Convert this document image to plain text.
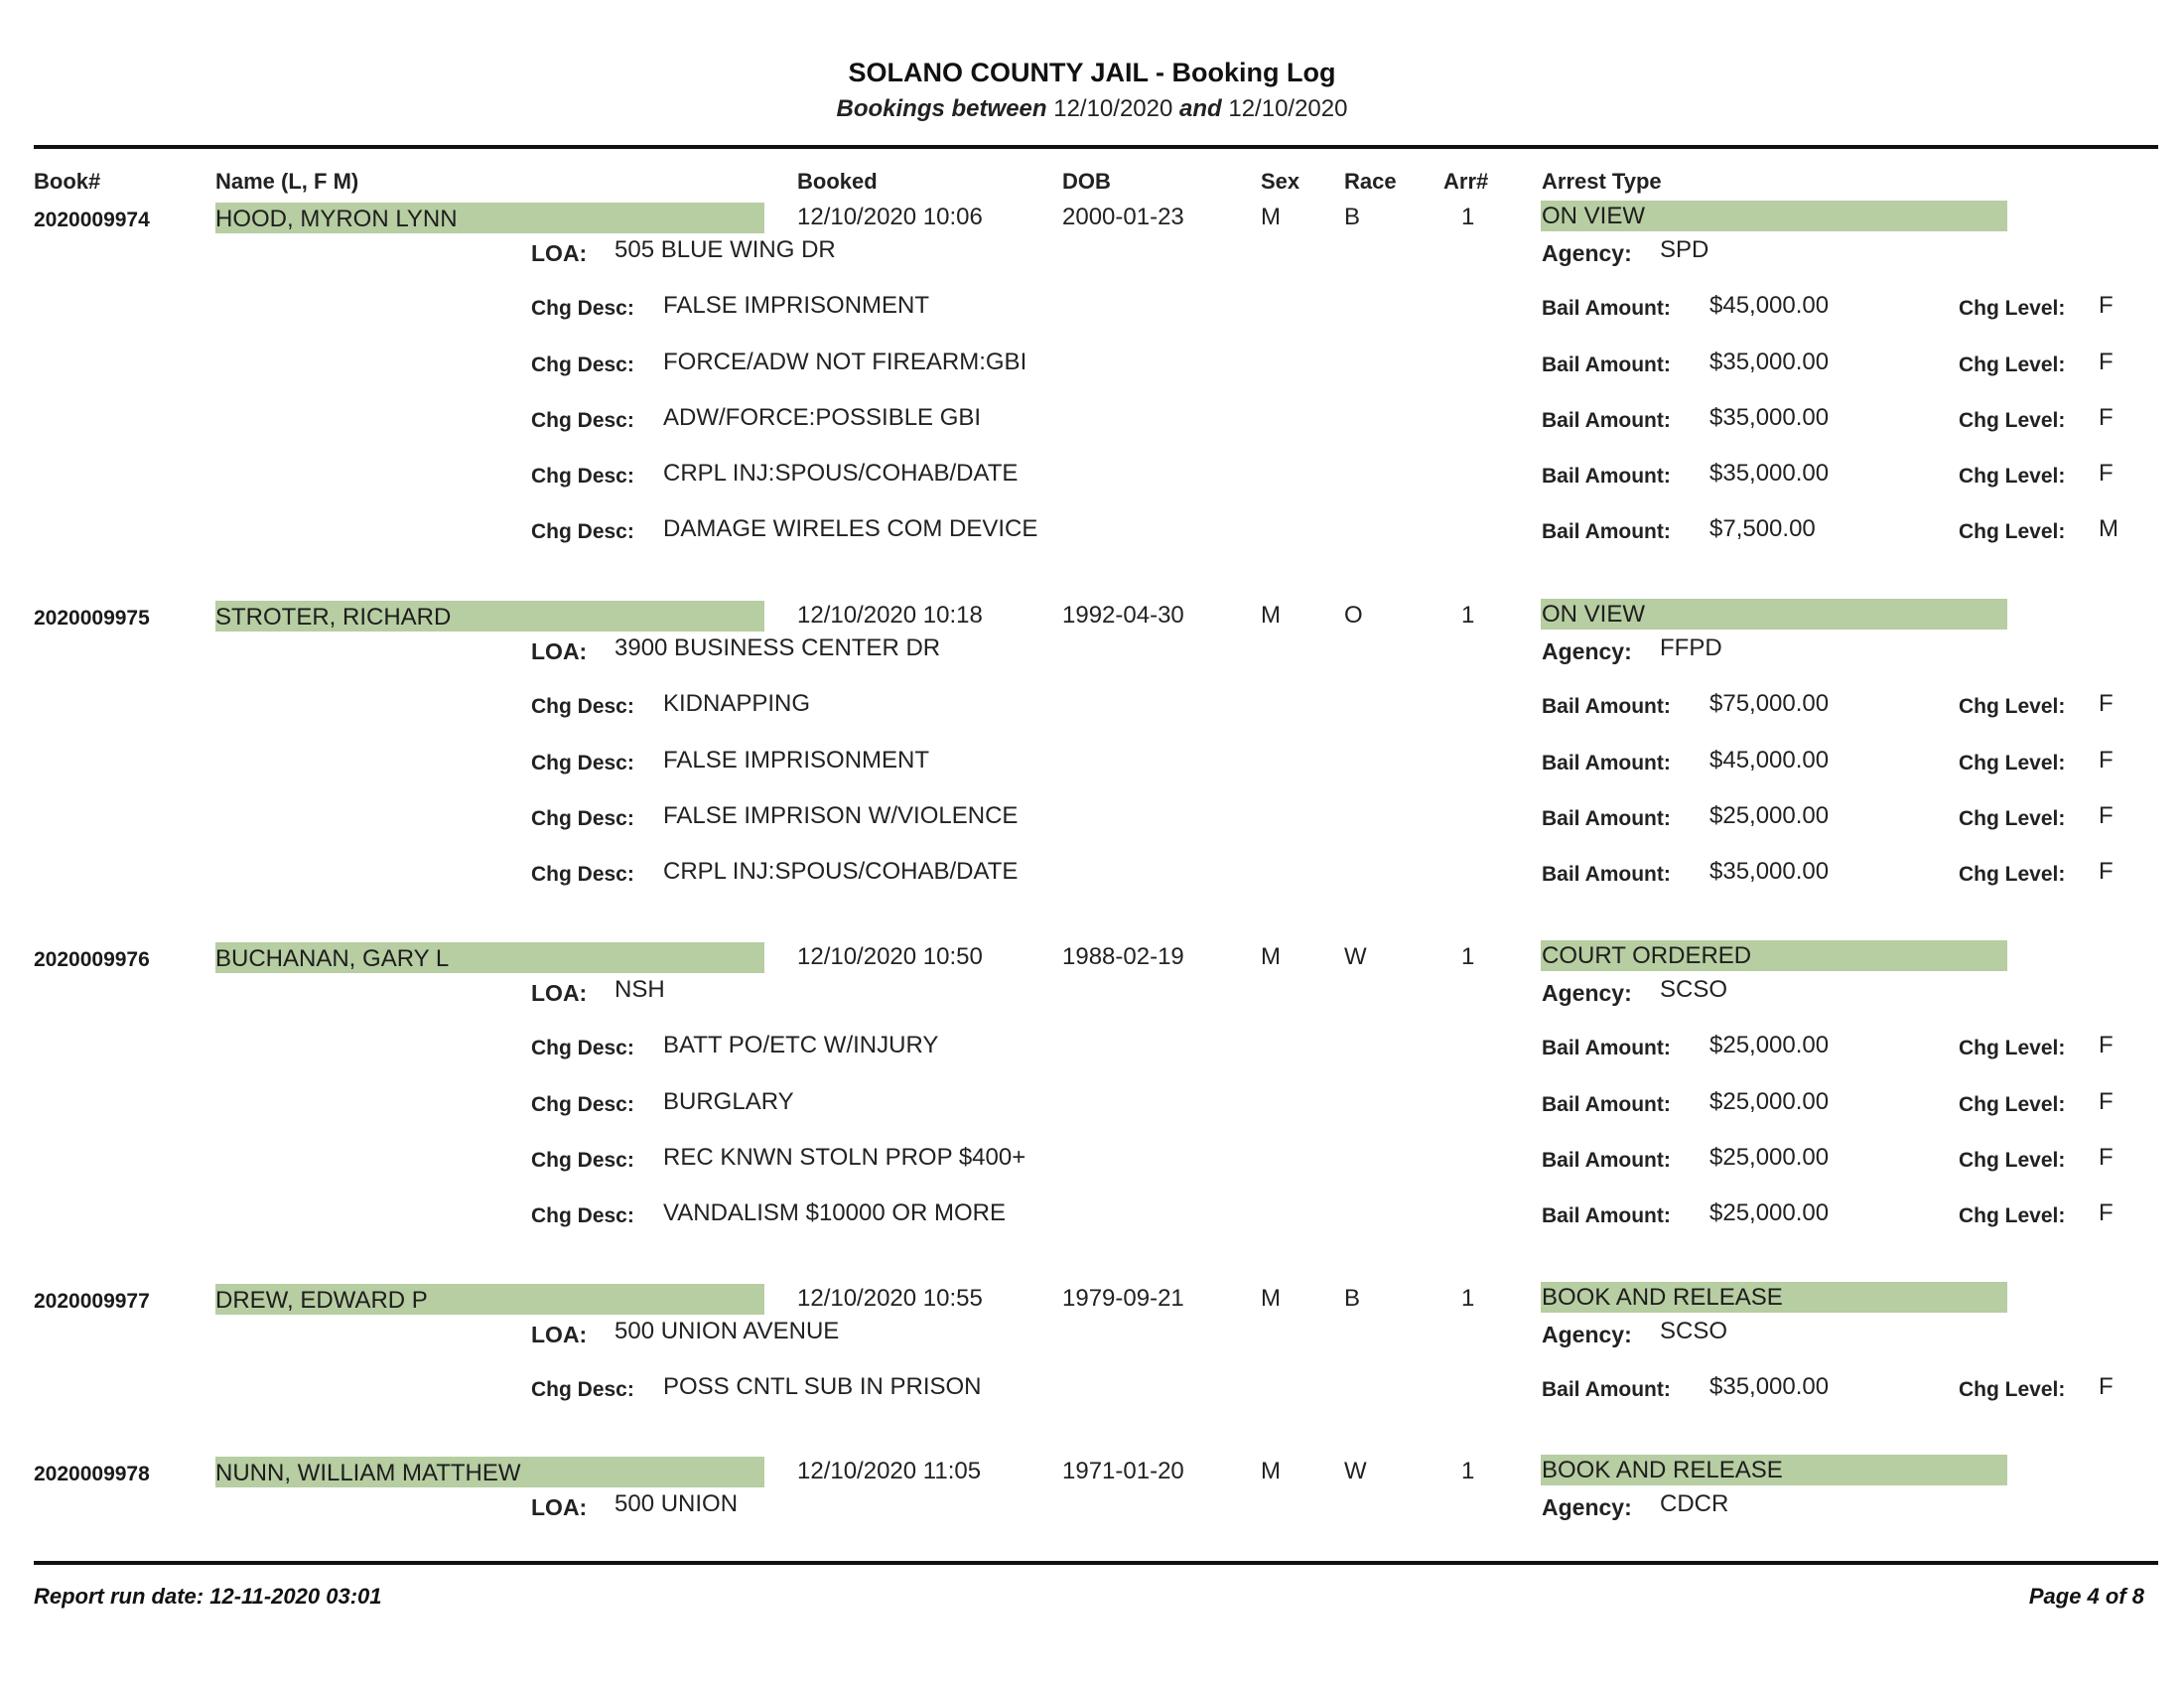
SOLANO COUNTY JAIL - Booking Log
Bookings between 12/10/2020 and 12/10/2020
Book#	Name (L, F M)	Booked	DOB	Sex Race Arr# Arrest Type
2020009974	HOOD, MYRON LYNN	12/10/2020 10:06	2000-01-23	M	B	1	ON VIEW
LOA: 505 BLUE WING DR	Agency: SPD
Chg Desc: FALSE IMPRISONMENT	Bail Amount: $45,000.00	Chg Level: F
Chg Desc: FORCE/ADW NOT FIREARM:GBI	Bail Amount: $35,000.00	Chg Level: F
Chg Desc: ADW/FORCE:POSSIBLE GBI	Bail Amount: $35,000.00	Chg Level: F
Chg Desc: CRPL INJ:SPOUS/COHAB/DATE	Bail Amount: $35,000.00	Chg Level: F
Chg Desc: DAMAGE WIRELES COM DEVICE	Bail Amount: $7,500.00	Chg Level: M
2020009975	STROTER, RICHARD	12/10/2020 10:18	1992-04-30	M	O	1	ON VIEW
LOA: 3900 BUSINESS CENTER DR	Agency: FFPD
Chg Desc: KIDNAPPING	Bail Amount: $75,000.00	Chg Level: F
Chg Desc: FALSE IMPRISONMENT	Bail Amount: $45,000.00	Chg Level: F
Chg Desc: FALSE IMPRISON W/VIOLENCE	Bail Amount: $25,000.00	Chg Level: F
Chg Desc: CRPL INJ:SPOUS/COHAB/DATE	Bail Amount: $35,000.00	Chg Level: F
2020009976	BUCHANAN, GARY L	12/10/2020 10:50	1988-02-19	M	W	1	COURT ORDERED
LOA: NSH	Agency: SCSO
Chg Desc: BATT PO/ETC W/INJURY	Bail Amount: $25,000.00	Chg Level: F
Chg Desc: BURGLARY	Bail Amount: $25,000.00	Chg Level: F
Chg Desc: REC KNWN STOLN PROP $400+	Bail Amount: $25,000.00	Chg Level: F
Chg Desc: VANDALISM $10000 OR MORE	Bail Amount: $25,000.00	Chg Level: F
2020009977	DREW, EDWARD P	12/10/2020 10:55	1979-09-21	M	B	1	BOOK AND RELEASE
LOA: 500 UNION AVENUE	Agency: SCSO
Chg Desc: POSS CNTL SUB IN PRISON	Bail Amount: $35,000.00	Chg Level: F
2020009978	NUNN, WILLIAM MATTHEW	12/10/2020 11:05	1971-01-20	M	W	1	BOOK AND RELEASE
LOA: 500 UNION	Agency: CDCR
Report run date: 12-11-2020 03:01	Page 4 of 8
